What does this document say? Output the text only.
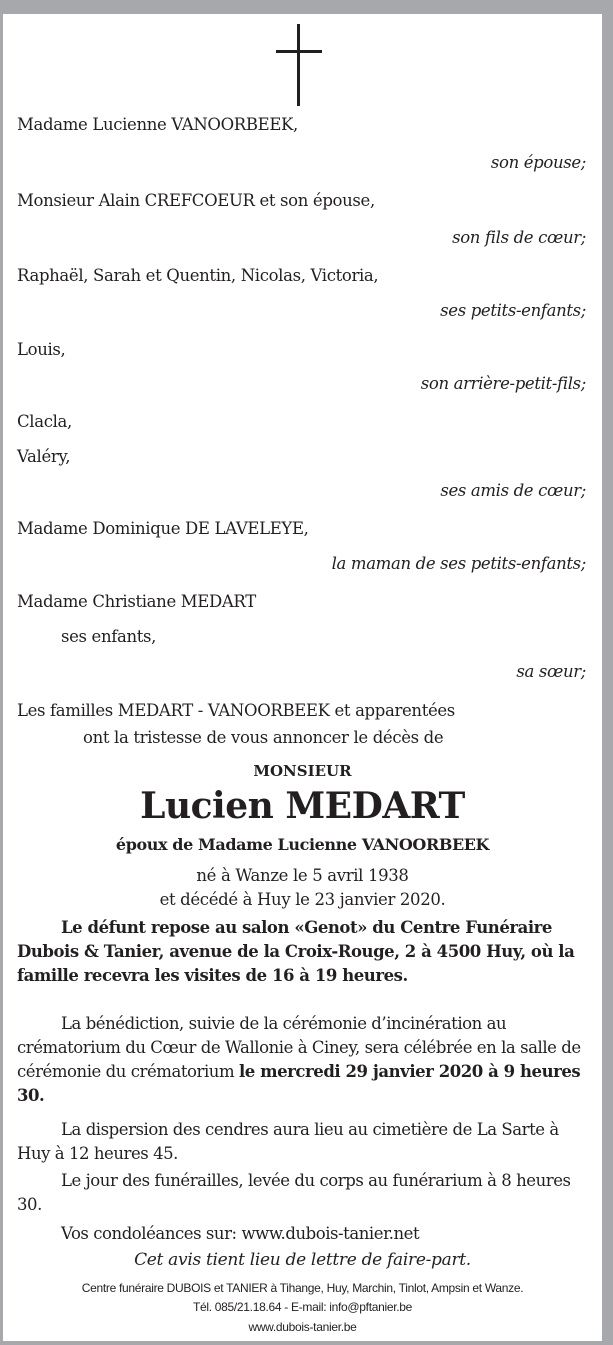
Madame Lucienne VANOORBEEK,
son épouse;
Monsieur Alain CREFCOEUR et son épouse,
son fils de cœur;
Raphaël, Sarah et Quentin, Nicolas, Victoria,
ses petits-enfants;
Louis,
son arrière-petit-fils;
Clacla,
Valéry,
ses amis de cœur;
Madame Dominique DE LAVELEYE,
la maman de ses petits-enfants;
Madame Christiane MEDART
ses enfants,
sa sœur;
Les familles MEDART - VANOORBEEK et apparentées
ont la tristesse de vous annoncer le décès de
MONSIEUR
Lucien MEDART
époux de Madame Lucienne VANOORBEEK
né à Wanze le 5 avril 1938
et décédé à Huy le 23 janvier 2020.
Le défunt repose au salon «Genot» du Centre Funéraire Dubois & Tanier, avenue de la Croix-Rouge, 2 à 4500 Huy, où la famille recevra les visites de 16 à 19 heures.
La bénédiction, suivie de la cérémonie d’incinération au crématorium du Cœur de Wallonie à Ciney, sera célébrée en la salle de cérémonie du crématorium le mercredi 29 janvier 2020 à 9 heures 30.
La dispersion des cendres aura lieu au cimetière de La Sarte à Huy à 12 heures 45.
Le jour des funérailles, levée du corps au funérarium à 8 heures 30.
Vos condoléances sur: www.dubois-tanier.net
Cet avis tient lieu de lettre de faire-part.
Centre funéraire DUBOIS et TANIER à Tihange, Huy, Marchin, Tinlot, Ampsin et Wanze.
Tél. 085/21.18.64 - E-mail: info@pftanier.be
www.dubois-tanier.be
